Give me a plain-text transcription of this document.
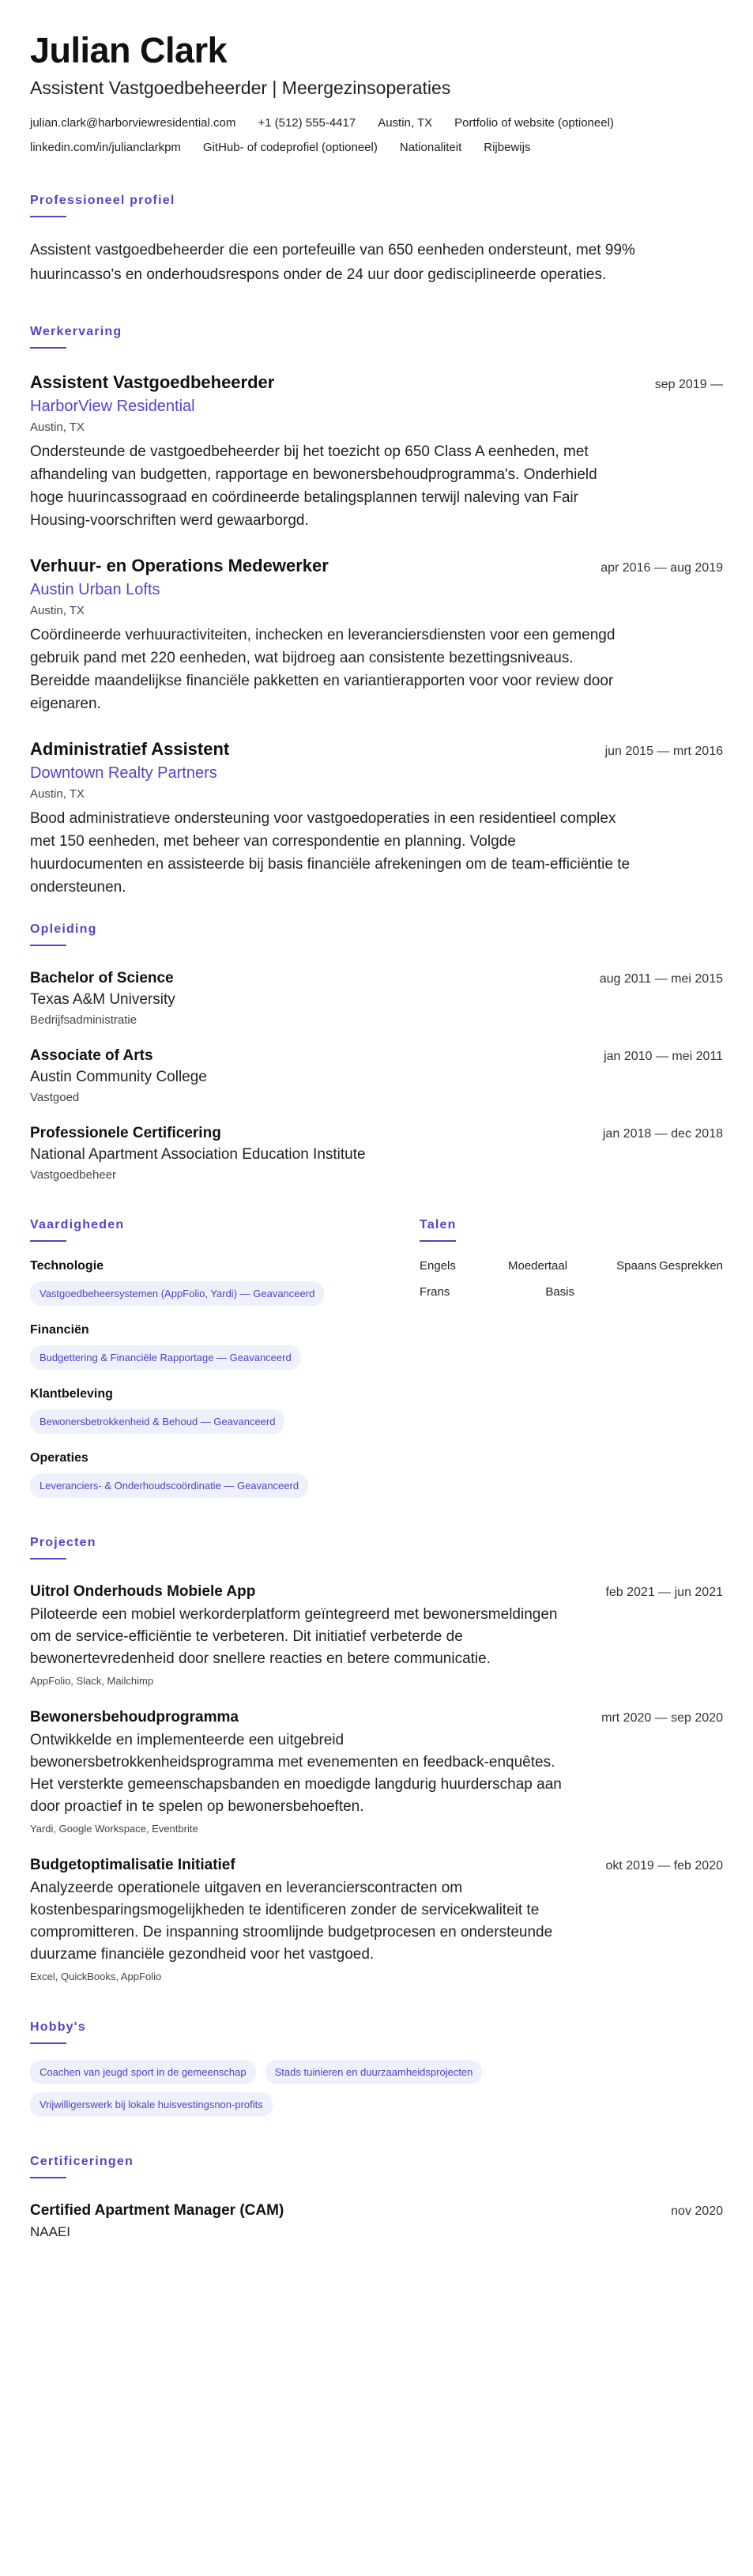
Julian Clark
Assistent Vastgoedbeheerder | Meergezinsoperaties
julian.clark@harborviewresidential.com +1 (512) 555-4417 Austin, TX Portfolio of website (optioneel)
linkedin.com/in/julianclarkpm GitHub- of codeprofiel (optioneel) Nationaliteit Rijbewijs
Professioneel profiel

Assistent vastgoedbeheerder die een portefeuille van 650 eenheden ondersteunt, met 99% huurincasso's en onderhoudsrespons onder de 24 uur door gedisciplineerde operaties.

Werkervaring
Assistent Vastgoedbeheerder	sep 2019 —
HarborView Residential
Austin, TX
Ondersteunde de vastgoedbeheerder bij het toezicht op 650 Class A eenheden, met afhandeling van budgetten, rapportage en bewonersbehoudprogramma's. Onderhield hoge huurincassograad en coördineerde betalingsplannen terwijl naleving van Fair Housing-voorschriften werd gewaarborgd.
Verhuur- en Operations Medewerker	apr 2016 — aug 2019
Austin Urban Lofts
Austin, TX
Coördineerde verhuuractiviteiten, inchecken en leveranciersdiensten voor een gemengd gebruik pand met 220 eenheden, wat bijdroeg aan consistente bezettingsniveaus. Bereidde maandelijkse financiële pakketten en variantierapporten voor voor review door eigenaren.
Administratief Assistent	jun 2015 — mrt 2016
Downtown Realty Partners
Austin, TX
Bood administratieve ondersteuning voor vastgoedoperaties in een residentieel complex met 150 eenheden, met beheer van correspondentie en planning. Volgde huurdocumenten en assisteerde bij basis financiële afrekeningen om de team-efficiëntie te ondersteunen.
Opleiding
Bachelor of Science	aug 2011 — mei 2015
Texas A&M University
Bedrijfsadministratie
Associate of Arts	jan 2010 — mei 2011
Austin Community College
Vastgoed
Professionele Certificering	jan 2018 — dec 2018
National Apartment Association Education Institute
Vastgoedbeheer
Vaardigheden
Technologie
Vastgoedbeheersystemen (AppFolio, Yardi) — Geavanceerd
Financiën
Budgettering & Financiële Rapportage — Geavanceerd
Klantbeleving
Bewonersbetrokkenheid & Behoud — Geavanceerd
Operaties
Leveranciers- & Onderhoudscoördinatie — Geavanceerd
Talen
Engels	Moedertaal	Spaans Gesprekken
Frans	Basis
Projecten
Uitrol Onderhouds Mobiele App	feb 2021 — jun 2021
Piloteerde een mobiel werkorderplatform geïntegreerd met bewonersmeldingen om de service-efficiëntie te verbeteren. Dit initiatief verbeterde de bewonertevredenheid door snellere reacties en betere communicatie.
AppFolio, Slack, Mailchimp
Bewonersbehoudprogramma	mrt 2020 — sep 2020
Ontwikkelde en implementeerde een uitgebreid bewonersbetrokkenheidsprogramma met evenementen en feedback-enquêtes. Het versterkte gemeenschapsbanden en moedigde langdurig huurderschap aan door proactief in te spelen op bewonersbehoeften.
Yardi, Google Workspace, Eventbrite
Budgetoptimalisatie Initiatief	okt 2019 — feb 2020
Analyzeerde operationele uitgaven en leverancierscontracten om kostenbesparingsmogelijkheden te identificeren zonder de servicekwaliteit te compromitteren. De inspanning stroomlijnde budgetprocesen en ondersteunde duurzame financiële gezondheid voor het vastgoed.
Excel, QuickBooks, AppFolio
Hobby's
Coachen van jeugd sport in de gemeenschap	Stads tuinieren en duurzaamheidsprojecten
Vrijwilligerswerk bij lokale huisvestingsnon-profits
Certificeringen
Certified Apartment Manager (CAM)	nov 2020
NAAEI
